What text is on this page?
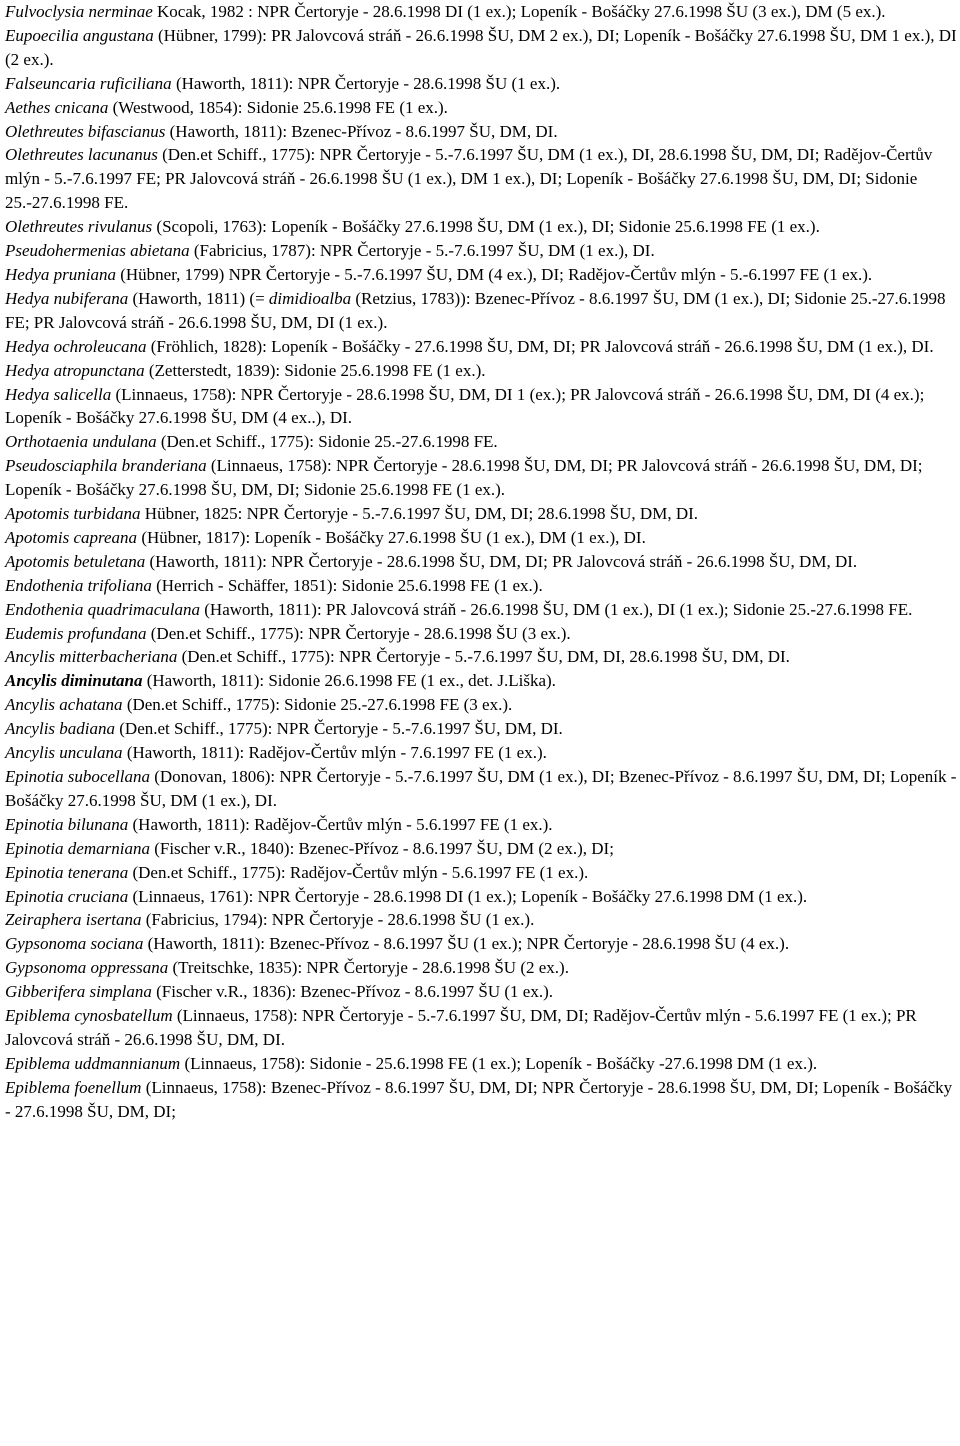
Fulvoclysia nerminae Kocak, 1982 : NPR Čertoryje - 28.6.1998 DI (1 ex.); Lopeník - Bošáčky 27.6.1998 ŠU (3 ex.), DM (5 ex.).

Eupoecilia angustana (Hübner, 1799): PR Jalovcová stráň - 26.6.1998 ŠU, DM 2 ex.), DI; Lopeník - Bošáčky 27.6.1998 ŠU, DM 1 ex.), DI (2 ex.).

Falseuncaria ruficiliana (Haworth, 1811): NPR Čertoryje - 28.6.1998 ŠU (1 ex.).

Aethes cnicana (Westwood, 1854): Sidonie 25.6.1998 FE (1 ex.).

Olethreutes bifascianus (Haworth, 1811): Bzenec-Přívoz - 8.6.1997 ŠU, DM, DI.

Olethreutes lacunanus (Den.et Schiff., 1775): NPR Čertoryje - 5.-7.6.1997 ŠU, DM (1 ex.), DI, 28.6.1998 ŠU, DM, DI; Radějov-Čertův mlýn - 5.-7.6.1997 FE; PR Jalovcová stráň - 26.6.1998 ŠU (1 ex.), DM 1 ex.), DI; Lopeník - Bošáčky 27.6.1998 ŠU, DM, DI; Sidonie 25.-27.6.1998 FE.

Olethreutes rivulanus (Scopoli, 1763): Lopeník - Bošáčky 27.6.1998 ŠU, DM (1 ex.), DI; Sidonie 25.6.1998 FE (1 ex.).

Pseudohermenias abietana (Fabricius, 1787): NPR Čertoryje - 5.-7.6.1997 ŠU, DM (1 ex.), DI.

Hedya pruniana (Hübner, 1799) NPR Čertoryje - 5.-7.6.1997 ŠU, DM (4 ex.), DI; Radějov-Čertův mlýn - 5.-6.1997 FE (1 ex.).

Hedya nubiferana (Haworth, 1811) (= dimidioalba (Retzius, 1783)): Bzenec-Přívoz - 8.6.1997 ŠU, DM (1 ex.), DI; Sidonie 25.-27.6.1998 FE; PR Jalovcová stráň - 26.6.1998 ŠU, DM, DI (1 ex.).

Hedya ochroleucana (Fröhlich, 1828): Lopeník - Bošáčky - 27.6.1998 ŠU, DM, DI; PR Jalovcová stráň - 26.6.1998 ŠU, DM (1 ex.), DI.

Hedya atropunctana (Zetterstedt, 1839): Sidonie 25.6.1998 FE (1 ex.).

Hedya salicella (Linnaeus, 1758): NPR Čertoryje - 28.6.1998 ŠU, DM, DI 1 (ex.); PR Jalovcová stráň - 26.6.1998 ŠU, DM, DI (4 ex.); Lopeník - Bošáčky 27.6.1998 ŠU, DM (4 ex..), DI.

Orthotaenia undulana (Den.et Schiff., 1775): Sidonie 25.-27.6.1998 FE.

Pseudosciaphila branderiana (Linnaeus, 1758): NPR Čertoryje - 28.6.1998 ŠU, DM, DI; PR Jalovcová stráň - 26.6.1998 ŠU, DM, DI; Lopeník - Bošáčky 27.6.1998 ŠU, DM, DI; Sidonie 25.6.1998 FE (1 ex.).

Apotomis turbidana Hübner, 1825: NPR Čertoryje - 5.-7.6.1997 ŠU, DM, DI; 28.6.1998 ŠU, DM, DI.

Apotomis capreana (Hübner, 1817): Lopeník - Bošáčky 27.6.1998 ŠU (1 ex.), DM (1 ex.), DI.

Apotomis betuletana (Haworth, 1811): NPR Čertoryje - 28.6.1998 ŠU, DM, DI; PR Jalovcová stráň - 26.6.1998 ŠU, DM, DI.

Endothenia trifoliana (Herrich - Schäffer, 1851): Sidonie 25.6.1998 FE (1 ex.).

Endothenia quadrimaculana (Haworth, 1811): PR Jalovcová stráň - 26.6.1998 ŠU, DM (1 ex.), DI (1 ex.); Sidonie 25.-27.6.1998 FE.

Eudemis profundana (Den.et Schiff., 1775): NPR Čertoryje - 28.6.1998 ŠU (3 ex.).

Ancylis mitterbacheriana (Den.et Schiff., 1775): NPR Čertoryje - 5.-7.6.1997 ŠU, DM, DI, 28.6.1998 ŠU, DM, DI.

Ancylis diminutana (Haworth, 1811): Sidonie 26.6.1998 FE (1 ex., det. J.Liška).

Ancylis achatana (Den.et Schiff., 1775): Sidonie 25.-27.6.1998 FE (3 ex.).

Ancylis badiana (Den.et Schiff., 1775): NPR Čertoryje - 5.-7.6.1997 ŠU, DM, DI.

Ancylis unculana (Haworth, 1811): Radějov-Čertův mlýn - 7.6.1997 FE (1 ex.).

Epinotia subocellana (Donovan, 1806): NPR Čertoryje - 5.-7.6.1997 ŠU, DM (1 ex.), DI; Bzenec-Přívoz - 8.6.1997 ŠU, DM, DI; Lopeník - Bošáčky 27.6.1998 ŠU, DM (1 ex.), DI.

Epinotia bilunana (Haworth, 1811): Radějov-Čertův mlýn - 5.6.1997 FE (1 ex.).

Epinotia demarniana (Fischer v.R., 1840): Bzenec-Přívoz - 8.6.1997 ŠU, DM (2 ex.), DI;

Epinotia tenerana (Den.et Schiff., 1775): Radějov-Čertův mlýn - 5.6.1997 FE (1 ex.).

Epinotia cruciana (Linnaeus, 1761): NPR Čertoryje - 28.6.1998 DI (1 ex.); Lopeník - Bošáčky 27.6.1998 DM (1 ex.).

Zeiraphera isertana (Fabricius, 1794): NPR Čertoryje - 28.6.1998 ŠU (1 ex.).

Gypsonoma sociana (Haworth, 1811): Bzenec-Přívoz - 8.6.1997 ŠU (1 ex.); NPR Čertoryje - 28.6.1998 ŠU (4 ex.).

Gypsonoma oppressana (Treitschke, 1835): NPR Čertoryje - 28.6.1998 ŠU (2 ex.).

Gibberifera simplana (Fischer v.R., 1836): Bzenec-Přívoz - 8.6.1997 ŠU (1 ex.).

Epiblema cynosbatellum (Linnaeus, 1758): NPR Čertoryje - 5.-7.6.1997 ŠU, DM, DI; Radějov-Čertův mlýn - 5.6.1997 FE (1 ex.); PR Jalovcová stráň - 26.6.1998 ŠU, DM, DI.

Epiblema uddmannianum (Linnaeus, 1758): Sidonie - 25.6.1998 FE (1 ex.); Lopeník - Bošáčky -27.6.1998 DM (1 ex.).

Epiblema foenellum (Linnaeus, 1758): Bzenec-Přívoz - 8.6.1997 ŠU, DM, DI; NPR Čertoryje - 28.6.1998 ŠU, DM, DI; Lopeník - Bošáčky - 27.6.1998 ŠU, DM, DI;
